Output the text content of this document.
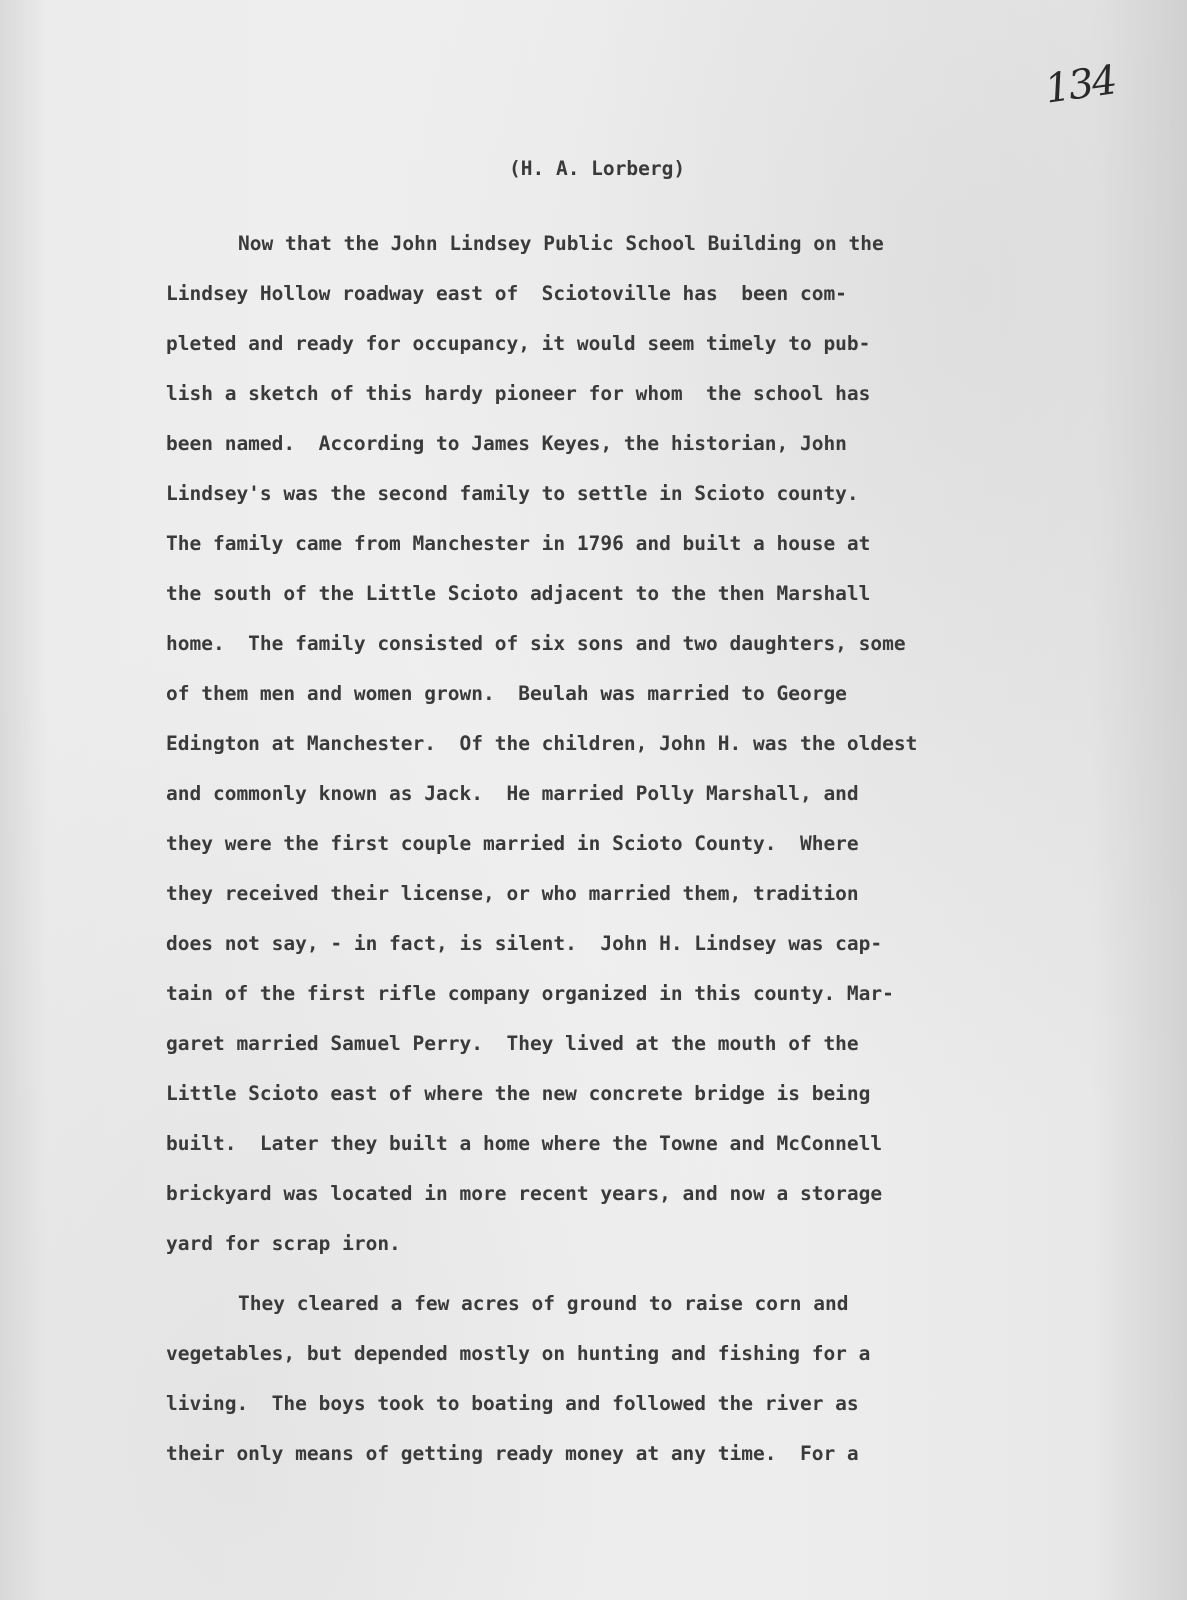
134
(H. A. Lorberg)
Now that the John Lindsey Public School Building on the
Lindsey Hollow roadway east of  Sciotoville has  been com-
pleted and ready for occupancy, it would seem timely to pub-
lish a sketch of this hardy pioneer for whom  the school has
been named.  According to James Keyes, the historian, John
Lindsey's was the second family to settle in Scioto county.
The family came from Manchester in 1796 and built a house at
the south of the Little Scioto adjacent to the then Marshall
home.  The family consisted of six sons and two daughters, some
of them men and women grown.  Beulah was married to George
Edington at Manchester.  Of the children, John H. was the oldest
and commonly known as Jack.  He married Polly Marshall, and
they were the first couple married in Scioto County.  Where
they received their license, or who married them, tradition
does not say, - in fact, is silent.  John H. Lindsey was cap-
tain of the first rifle company organized in this county. Mar-
garet married Samuel Perry.  They lived at the mouth of the
Little Scioto east of where the new concrete bridge is being
built.  Later they built a home where the Towne and McConnell
brickyard was located in more recent years, and now a storage
yard for scrap iron.
They cleared a few acres of ground to raise corn and
vegetables, but depended mostly on hunting and fishing for a
living.  The boys took to boating and followed the river as
their only means of getting ready money at any time.  For a
